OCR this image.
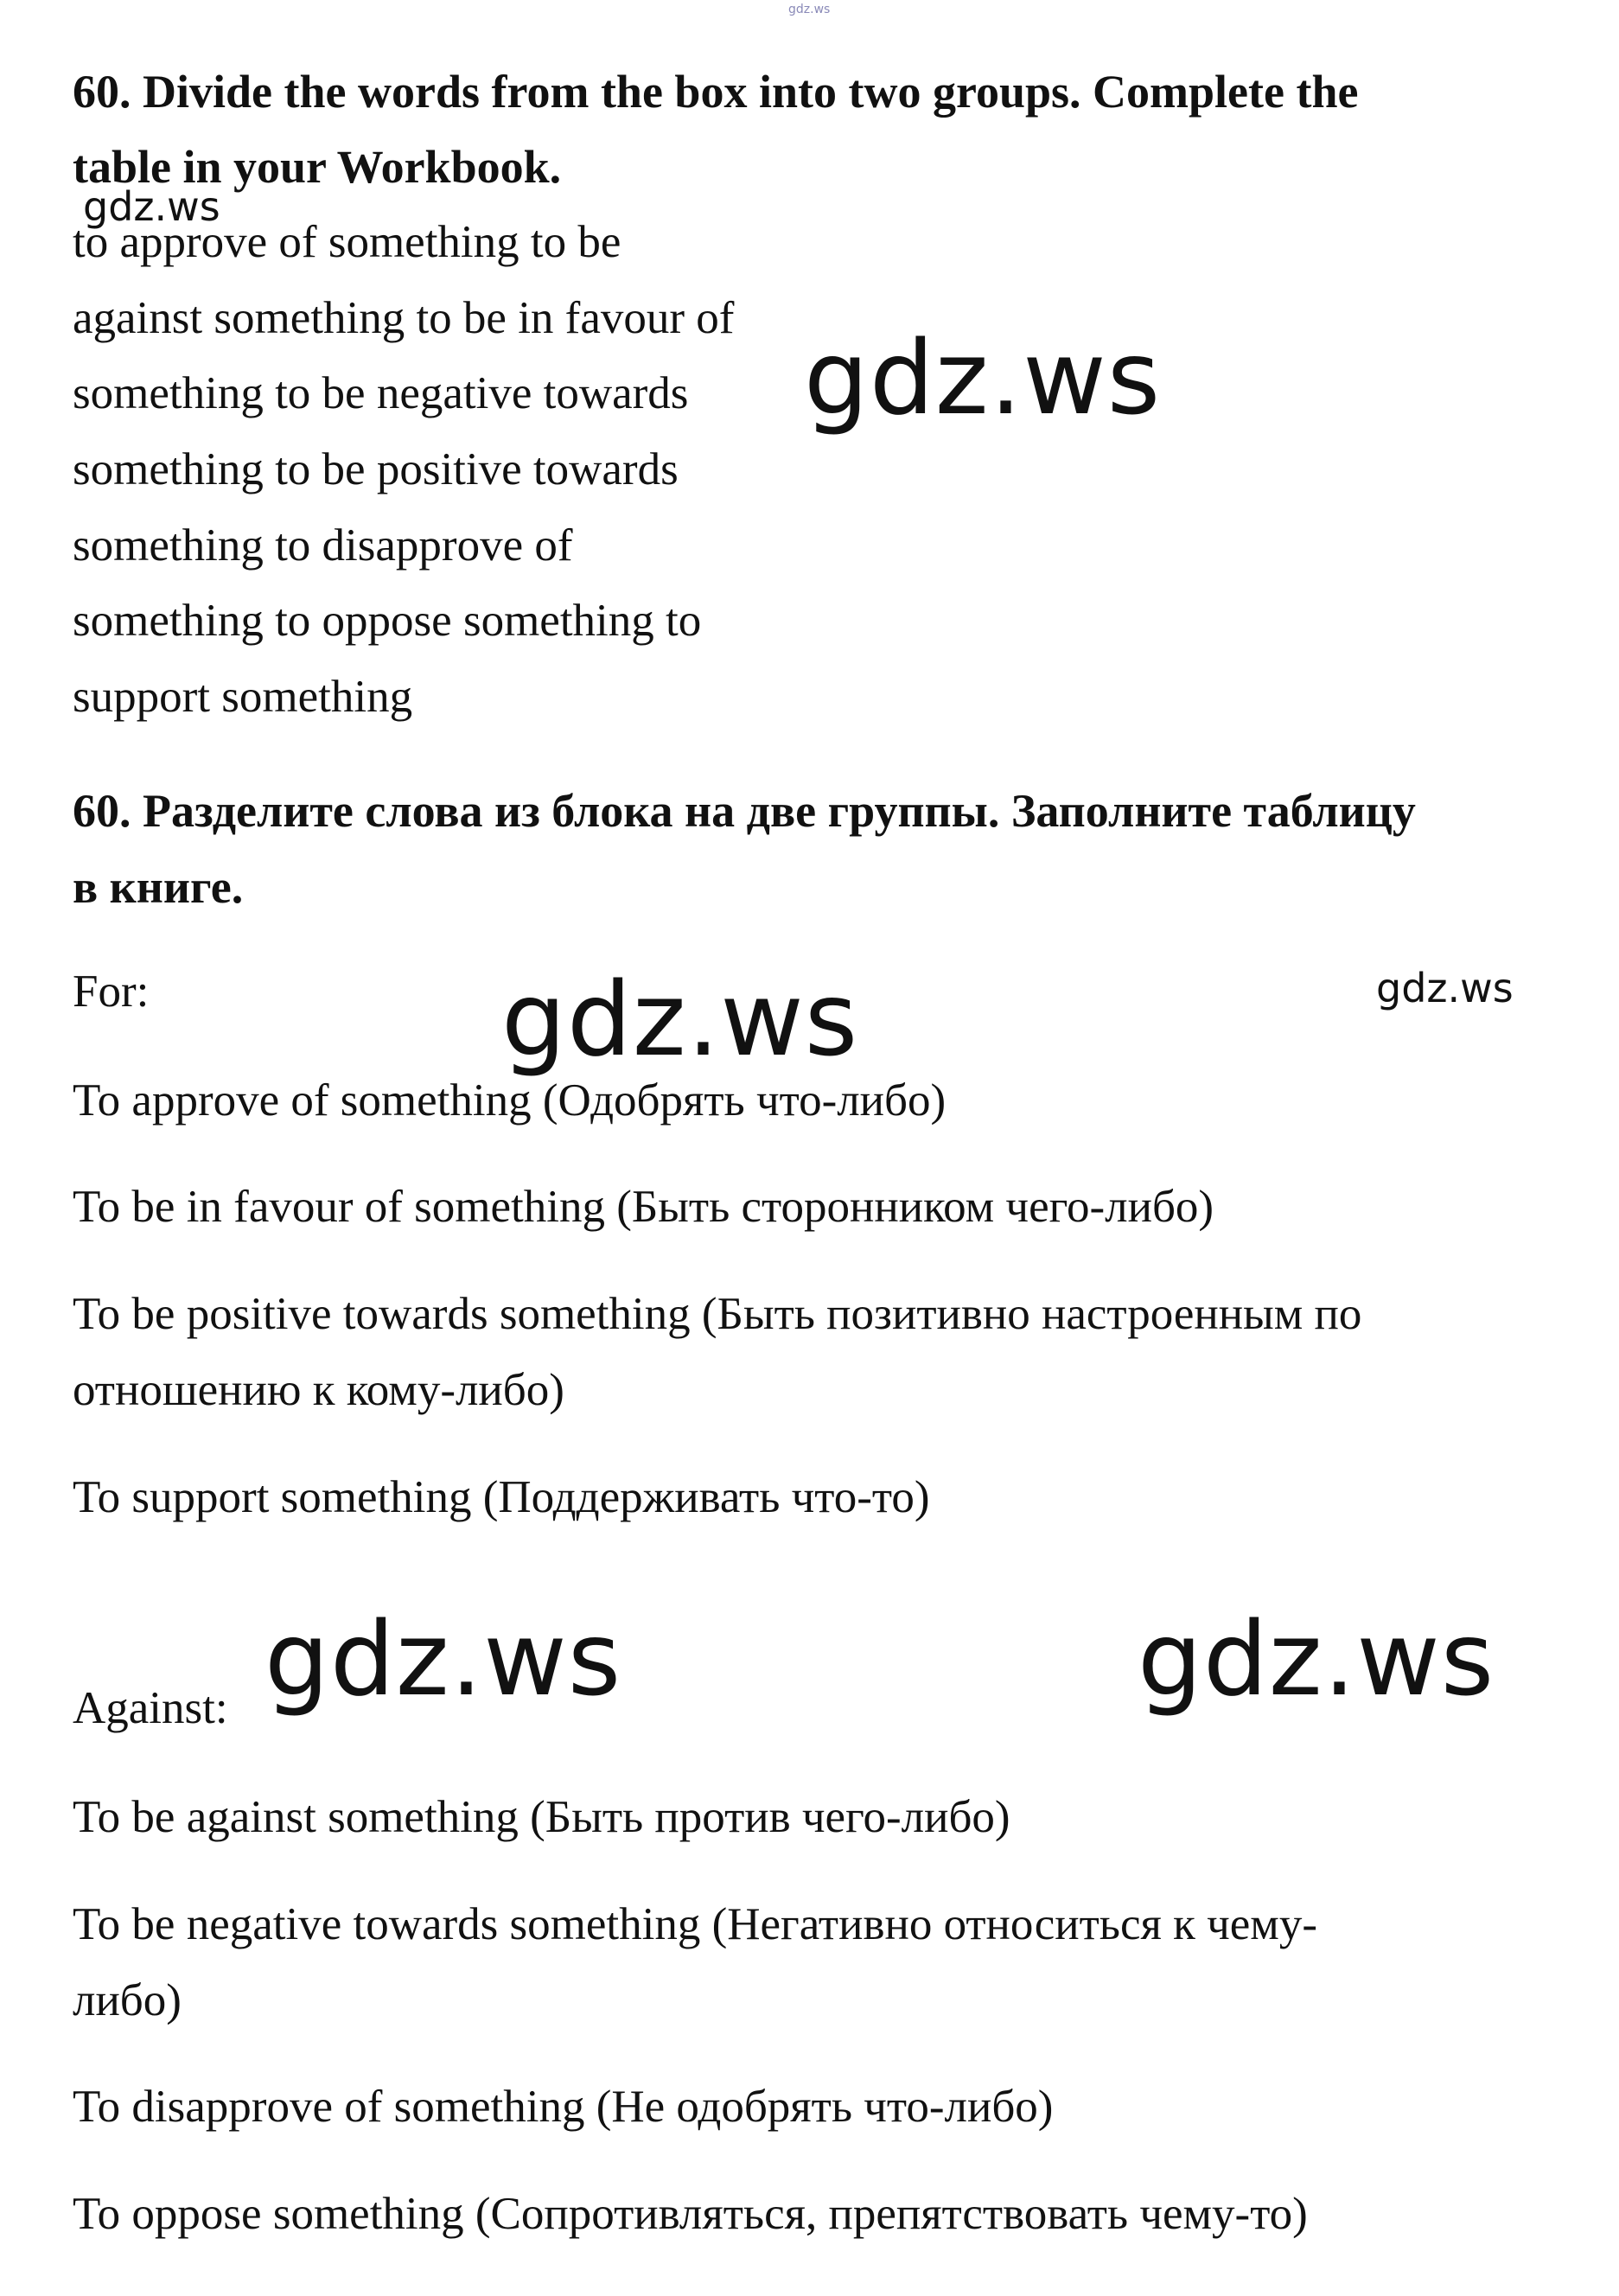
gdz.ws
60. Divide the words from the box into two groups. Complete the
table in your Workbook.
gdz.ws
to approve of something to be
against something to be in favour of
something to be negative towards
something to be positive towards
something to disapprove of
something to oppose something to
support something
gdz.ws
60. Разделите слова из блока на две группы. Заполните таблицу
в книге.
For:	gdz.ws	gdz.ws
To approve of something (Одобрять что-либо)
To be in favour of something (Быть сторонником чего-либо)
To be positive towards something (Быть позитивно настроенным по
отношению к кому-либо)
To support something (Поддерживать что-то)
gdz.ws	gdz.ws
Against:
To be against something (Быть против чего-либо)
To be negative towards something (Негативно относиться к чему-
либо)
To disapprove of something (Не одобрять что-либо)
To oppose something (Сопротивляться, препятствовать чему-то)
